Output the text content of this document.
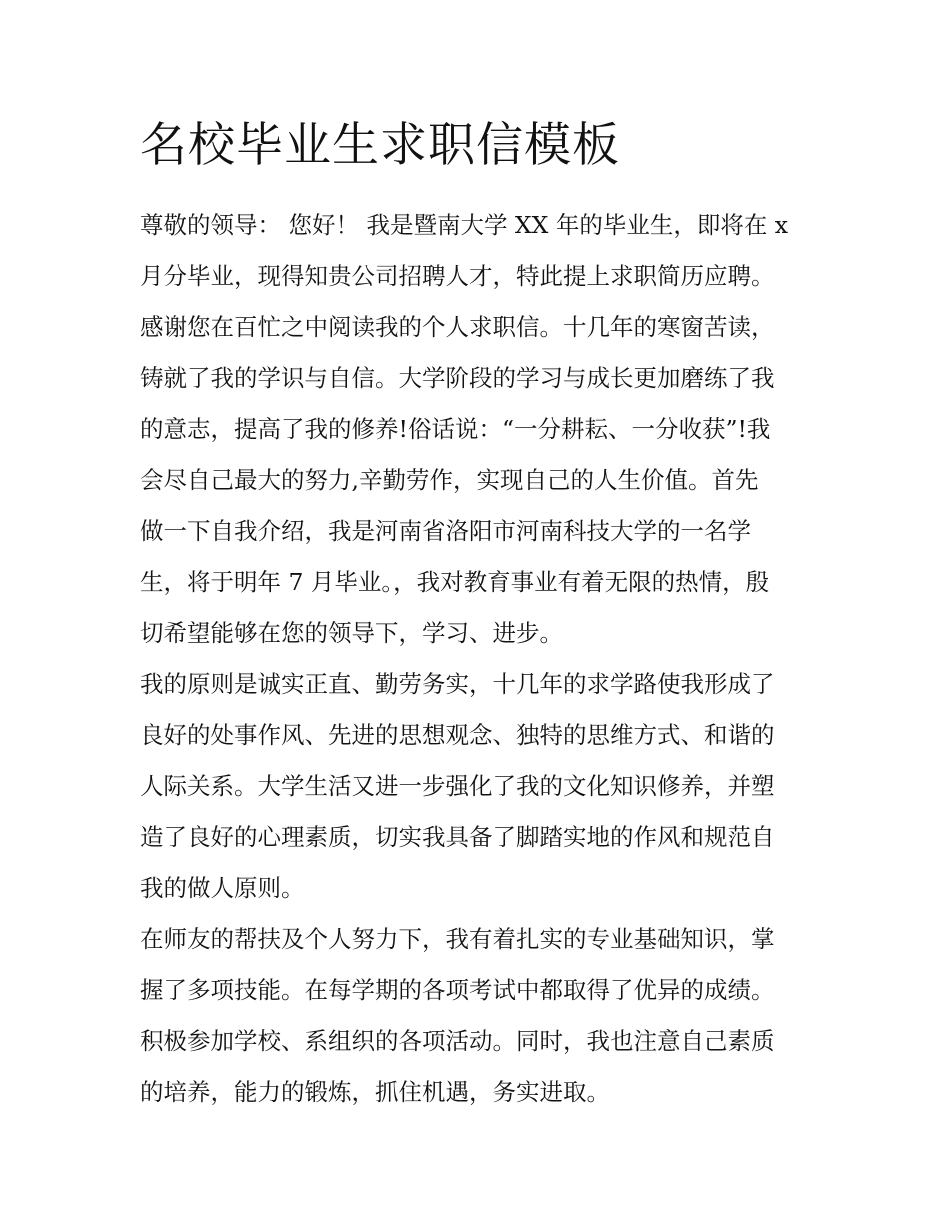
名校毕业生求职信模板
尊敬的领导： 您好！ 我是暨南大学 XX 年的毕业生，即将在 x
月分毕业，现得知贵公司招聘人才，特此提上求职简历应聘。
感谢您在百忙之中阅读我的个人求职信。十几年的寒窗苦读，
铸就了我的学识与自信。大学阶段的学习与成长更加磨练了我
的意志，提高了我的修养!俗话说：“一分耕耘、一分收获”!我
会尽自己最大的努力,辛勤劳作，实现自己的人生价值。首先
做一下自我介绍，我是河南省洛阳市河南科技大学的一名学
生，将于明年 7 月毕业。，我对教育事业有着无限的热情，殷
切希望能够在您的领导下，学习、进步。
我的原则是诚实正直、勤劳务实，十几年的求学路使我形成了
良好的处事作风、先进的思想观念、独特的思维方式、和谐的
人际关系。大学生活又进一步强化了我的文化知识修养，并塑
造了良好的心理素质，切实我具备了脚踏实地的作风和规范自
我的做人原则。
在师友的帮扶及个人努力下，我有着扎实的专业基础知识，掌
握了多项技能。在每学期的各项考试中都取得了优异的成绩。
积极参加学校、系组织的各项活动。同时，我也注意自己素质
的培养，能力的锻炼，抓住机遇，务实进取。
